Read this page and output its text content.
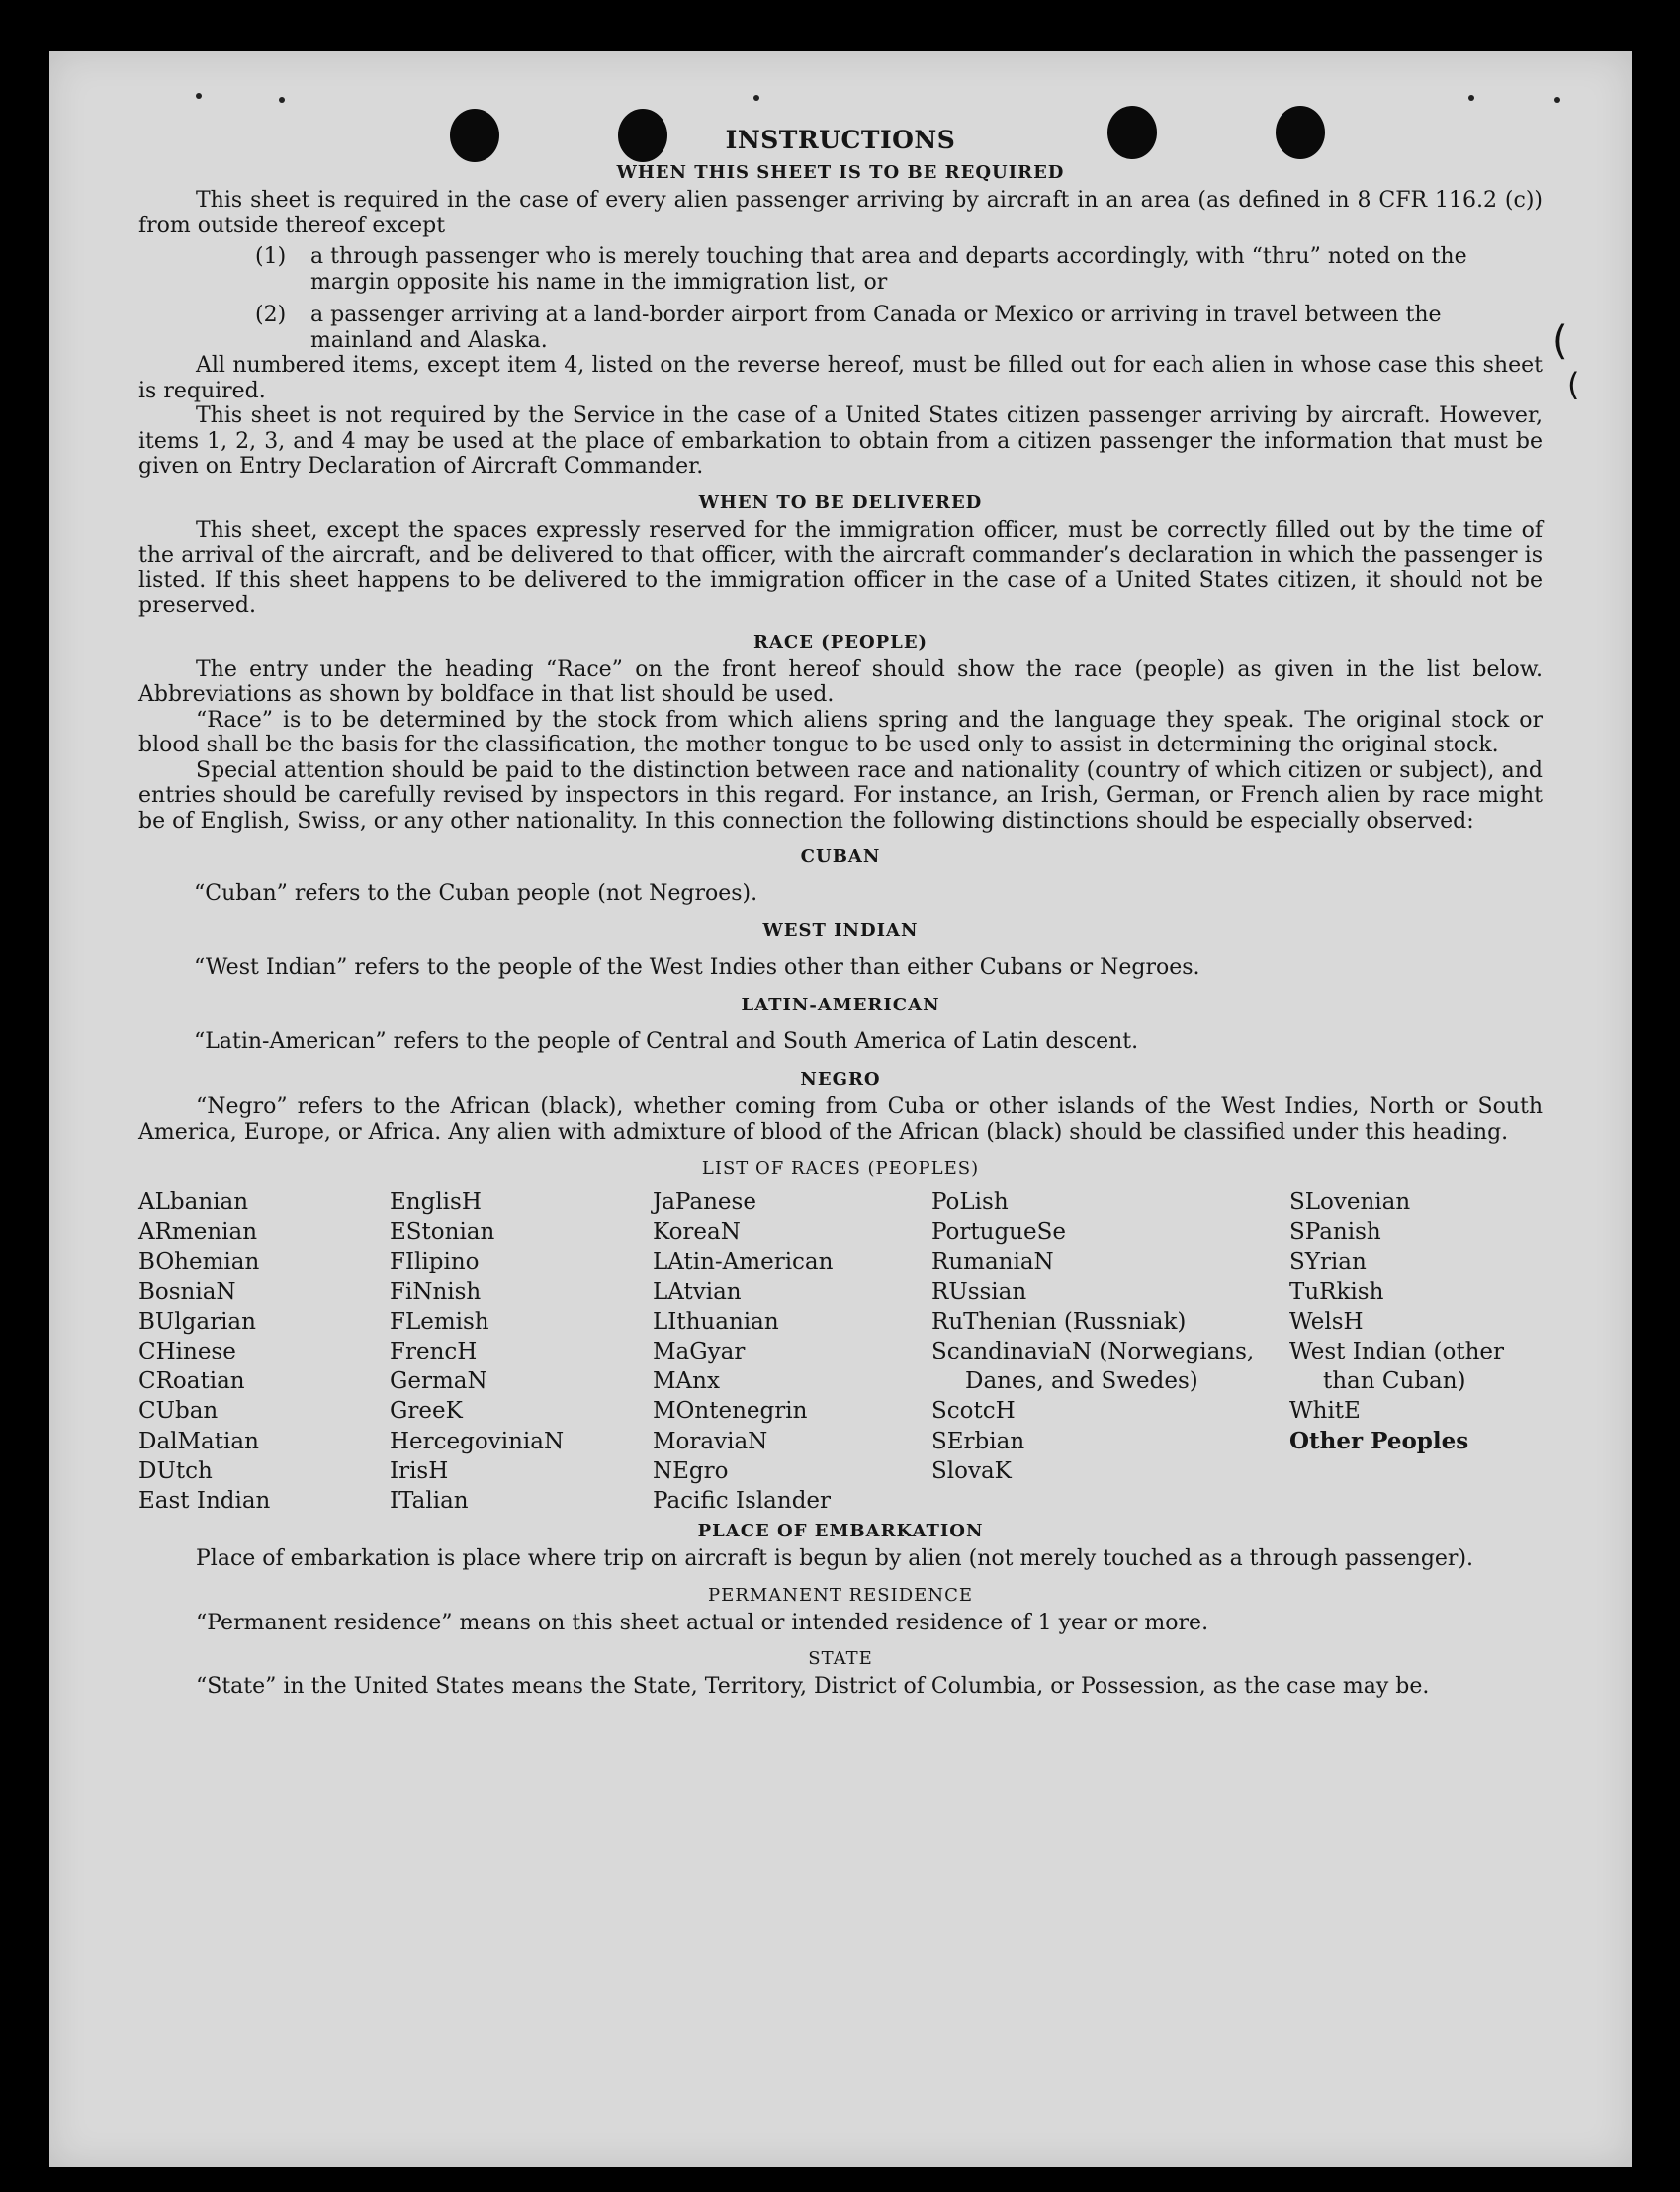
(
(
INSTRUCTIONS
WHEN THIS SHEET IS TO BE REQUIRED

This sheet is required in the case of every alien passenger arriving by aircraft in an area (as defined in 8 CFR 116.2 (c)) from outside thereof except

(1)	a through passenger who is merely touching that area and departs accordingly, with “thru” noted on the margin opposite his name in the immigration list, or
(2)	a passenger arriving at a land-border airport from Canada or Mexico or arriving in travel between the mainland and Alaska.

All numbered items, except item 4, listed on the reverse hereof, must be filled out for each alien in whose case this sheet is required.

This sheet is not required by the Service in the case of a United States citizen passenger arriving by aircraft. However, items 1, 2, 3, and 4 may be used at the place of embarkation to obtain from a citizen passenger the information that must be given on Entry Declaration of Aircraft Commander.

WHEN TO BE DELIVERED

This sheet, except the spaces expressly reserved for the immigration officer, must be correctly filled out by the time of the arrival of the aircraft, and be delivered to that officer, with the aircraft commander’s declaration in which the passenger is listed. If this sheet happens to be delivered to the immigration officer in the case of a United States citizen, it should not be preserved.

RACE (PEOPLE)

The entry under the heading “Race” on the front hereof should show the race (people) as given in the list below. Abbreviations as shown by boldface in that list should be used.

“Race” is to be determined by the stock from which aliens spring and the language they speak. The original stock or blood shall be the basis for the classification, the mother tongue to be used only to assist in determining the original stock.

Special attention should be paid to the distinction between race and nationality (country of which citizen or subject), and entries should be carefully revised by inspectors in this regard. For instance, an Irish, German, or French alien by race might be of English, Swiss, or any other nationality. In this connection the following distinctions should be especially observed:

CUBAN

“Cuban” refers to the Cuban people (not Negroes).

WEST INDIAN

“West Indian” refers to the people of the West Indies other than either Cubans or Negroes.

LATIN-AMERICAN

“Latin-American” refers to the people of Central and South America of Latin descent.

NEGRO

“Negro” refers to the African (black), whether coming from Cuba or other islands of the West Indies, North or South America, Europe, or Africa. Any alien with admixture of blood of the African (black) should be classified under this heading.

LIST OF RACES (PEOPLES)
ALbanian
ARmenian
BOhemian
BosniaN
BUlgarian
CHinese
CRoatian
CUban
DalMatian
DUtch
East Indian
EnglisH
EStonian
FIlipino
FiNnish
FLemish
FrencH
GermaN
GreeK
HercegoviniaN
IrisH
ITalian
JaPanese
KoreaN
LAtin-American
LAtvian
LIthuanian
MaGyar
MAnx
MOntenegrin
MoraviaN
NEgro
Pacific Islander
PoLish
PortugueSe
RumaniaN
RUssian
RuThenian (Russniak)
ScandinaviaN (Norwegians, Danes, and Swedes)
ScotcH
SErbian
SlovaK
SLovenian
SPanish
SYrian
TuRkish
WelsH
West Indian (other than Cuban)
WhitE
Other Peoples
PLACE OF EMBARKATION

Place of embarkation is place where trip on aircraft is begun by alien (not merely touched as a through passenger).

PERMANENT RESIDENCE

“Permanent residence” means on this sheet actual or intended residence of 1 year or more.

STATE

“State” in the United States means the State, Territory, District of Columbia, or Possession, as the case may be.
